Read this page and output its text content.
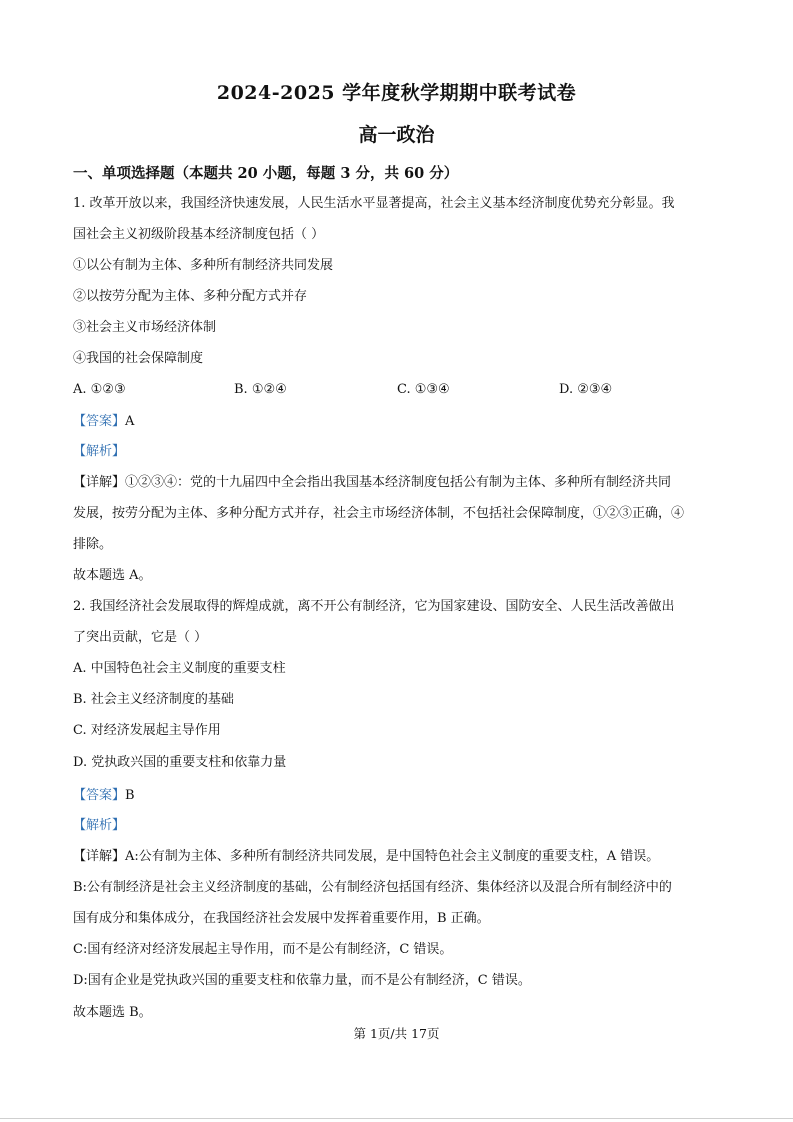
2024-2025 学年度秋学期期中联考试卷
高一政治
一、单项选择题（本题共 20 小题，每题 3 分，共 60 分）
1. 改革开放以来，我国经济快速发展，人民生活水平显著提高，社会主义基本经济制度优势充分彰显。我
国社会主义初级阶段基本经济制度包括（ ）
①以公有制为主体、多种所有制经济共同发展
②以按劳分配为主体、多种分配方式并存
③社会主义市场经济体制
④我国的社会保障制度
A. ①②③	B. ①②④	C. ①③④	D. ②③④
【答案】A
【解析】
【详解】①②③④：党的十九届四中全会指出我国基本经济制度包括公有制为主体、多种所有制经济共同
发展，按劳分配为主体、多种分配方式并存，社会主市场经济体制，不包括社会保障制度，①②③正确，④
排除。
故本题选 A。
2. 我国经济社会发展取得的辉煌成就，离不开公有制经济，它为国家建设、国防安全、人民生活改善做出
了突出贡献，它是（ ）
A. 中国特色社会主义制度的重要支柱
B. 社会主义经济制度的基础
C. 对经济发展起主导作用
D. 党执政兴国的重要支柱和依靠力量
【答案】B
【解析】
【详解】A:公有制为主体、多种所有制经济共同发展，是中国特色社会主义制度的重要支柱，A 错误。
B:公有制经济是社会主义经济制度的基础，公有制经济包括国有经济、集体经济以及混合所有制经济中的
国有成分和集体成分，在我国经济社会发展中发挥着重要作用，B 正确。
C:国有经济对经济发展起主导作用，而不是公有制经济，C 错误。
D:国有企业是党执政兴国的重要支柱和依靠力量，而不是公有制经济，C 错误。
故本题选 B。
第 1页/共 17页
